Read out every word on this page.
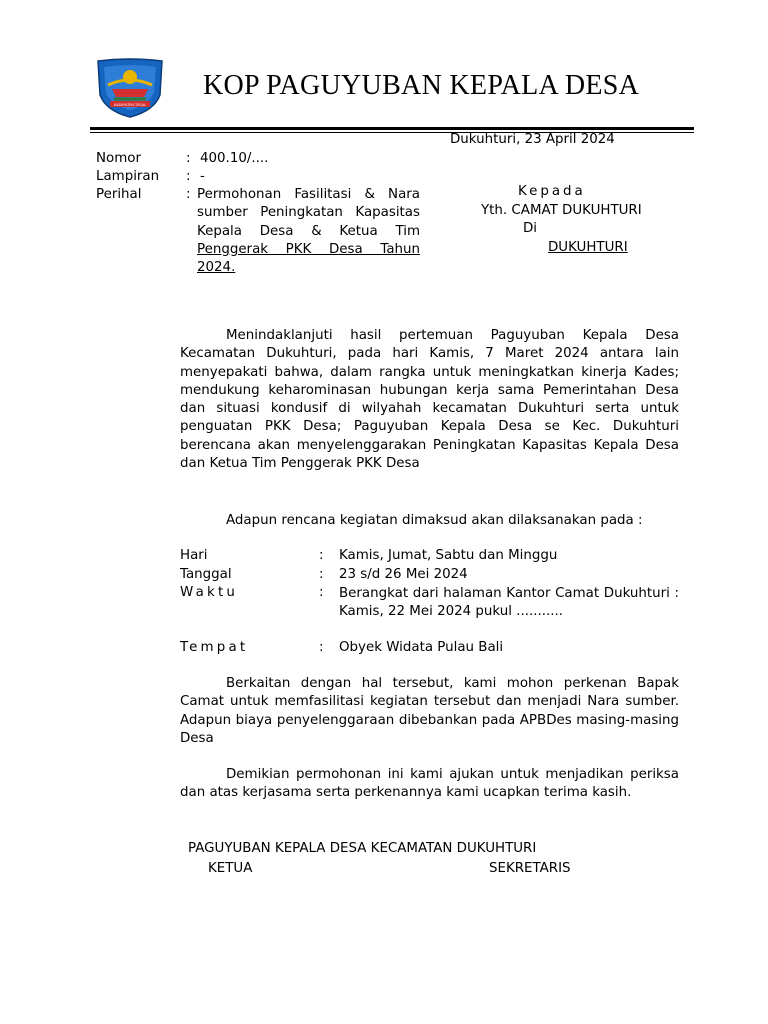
KABUPATEN TEGAL
KOP PAGUYUBAN KEPALA DESA
Dukuhturi, 23 April 2024
Nomor	: 400.10/....
Lampiran : -
Perihal	: Permohonan Fasilitasi & Nara sumber Peningkatan Kapasitas Kepala Desa & Ketua Tim Penggerak PKK Desa Tahun 2024.
Kepada
Yth. CAMAT DUKUHTURI
Di
DUKUHTURI
Menindaklanjuti hasil pertemuan Paguyuban Kepala Desa Kecamatan Dukuhturi, pada hari Kamis, 7 Maret 2024 antara lain menyepakati bahwa, dalam rangka untuk meningkatkan kinerja Kades; mendukung keharominasan hubungan kerja sama Pemerintahan Desa dan situasi kondusif di wilyahah kecamatan Dukuhturi serta untuk penguatan PKK Desa; Paguyuban Kepala Desa se Kec. Dukuhturi berencana akan menyelenggarakan Peningkatan Kapasitas Kepala Desa dan Ketua Tim Penggerak PKK Desa
Adapun rencana kegiatan dimaksud akan dilaksanakan pada :
Hari	: Kamis, Jumat, Sabtu dan Minggu
Tanggal	: 23 s/d 26 Mei 2024
Waktu	: Berangkat dari halaman Kantor Camat Dukuhturi : Kamis, 22 Mei 2024 pukul ...........
Tempat	: Obyek Widata Pulau Bali
Berkaitan dengan hal tersebut, kami mohon perkenan Bapak Camat untuk memfasilitasi kegiatan tersebut dan menjadi Nara sumber. Adapun biaya penyelenggaraan dibebankan pada APBDes masing-masing Desa
Demikian permohonan ini kami ajukan untuk menjadikan periksa dan atas kerjasama serta perkenannya kami ucapkan terima kasih.
PAGUYUBAN KEPALA DESA KECAMATAN DUKUHTURI
KETUA	SEKRETARIS
